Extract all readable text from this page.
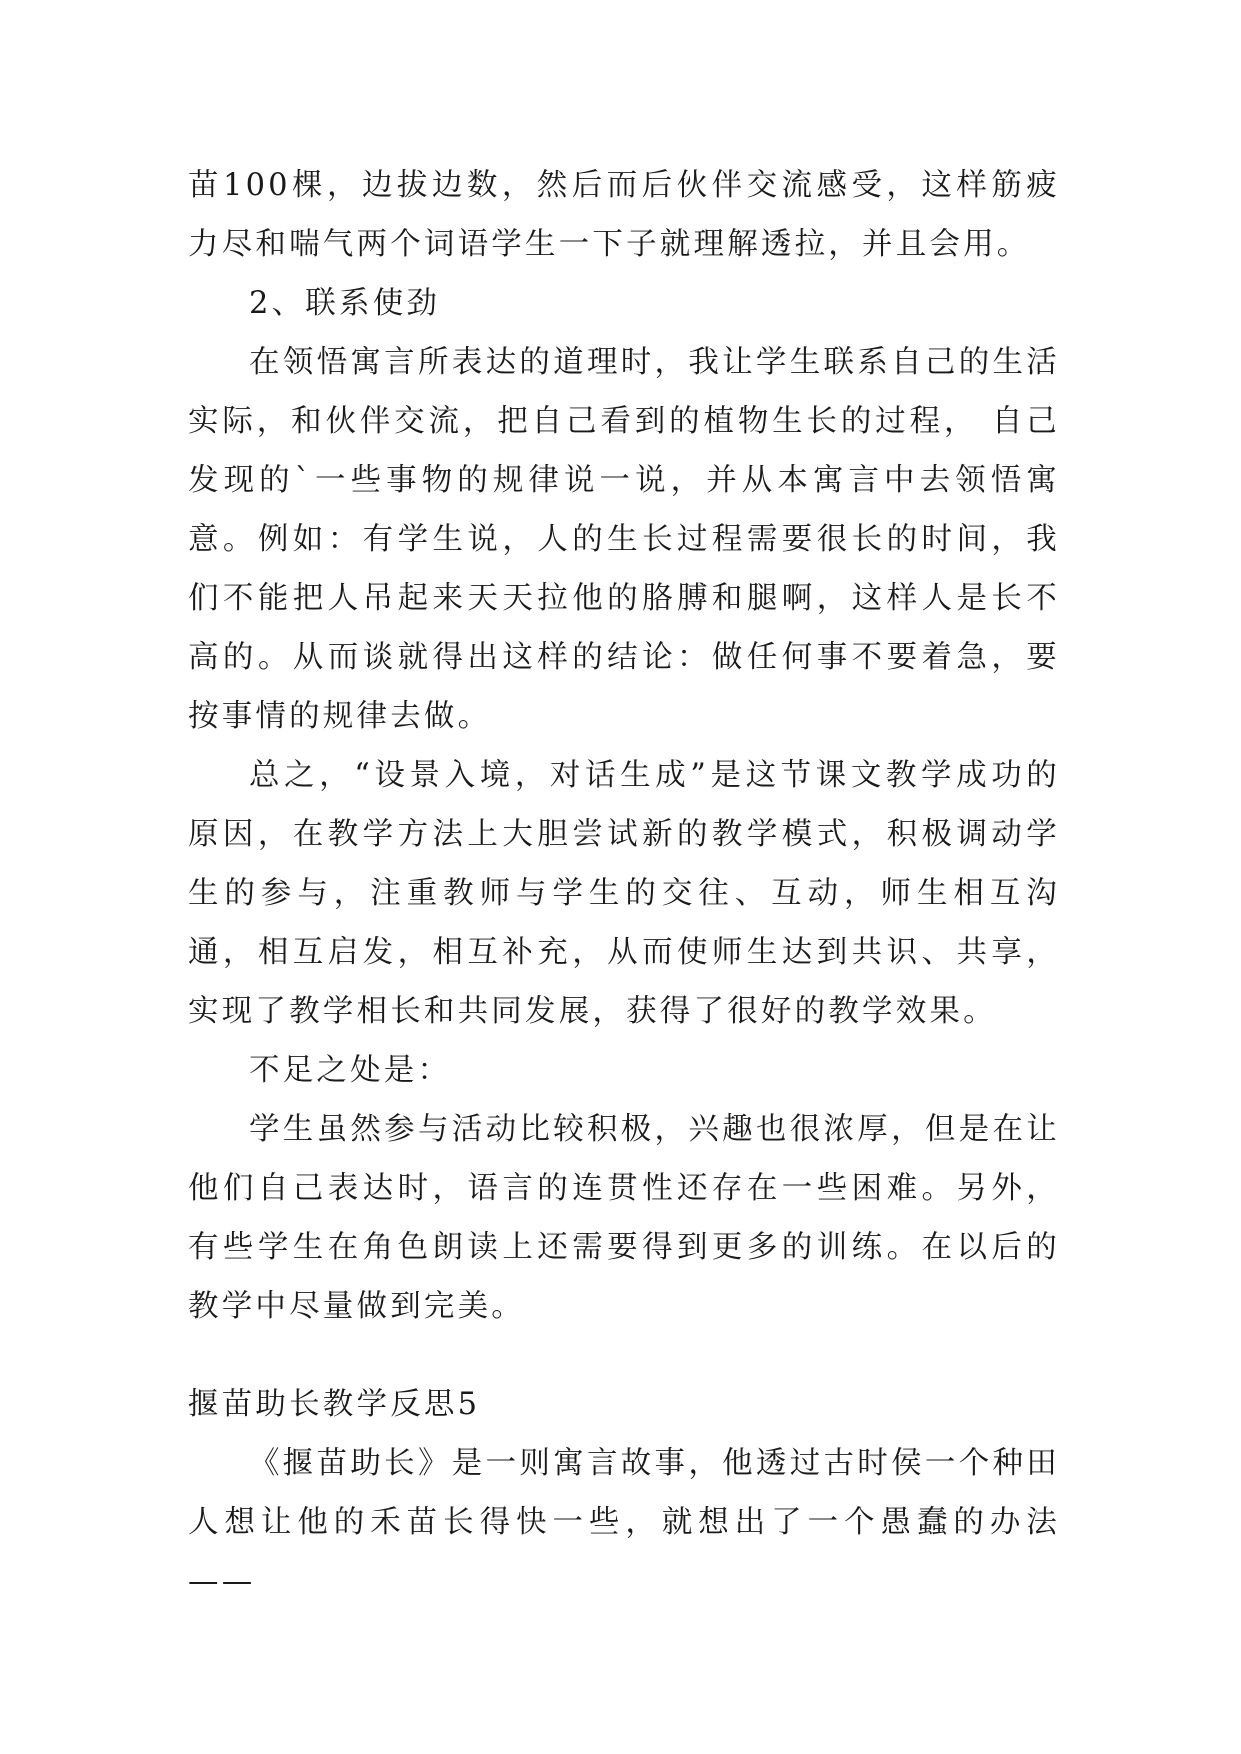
苗100棵，边拔边数，然后而后伙伴交流感受，这样筋疲力尽和喘气两个词语学生一下子就理解透拉，并且会用。

2、联系使劲

在领悟寓言所表达的道理时，我让学生联系自己的生活实际，和伙伴交流，把自己看到的植物生长的过程， 自己发现的`一些事物的规律说一说，并从本寓言中去领悟寓意。例如：有学生说，人的生长过程需要很长的时间，我们不能把人吊起来天天拉他的胳膊和腿啊，这样人是长不高的。从而谈就得出这样的结论：做任何事不要着急，要按事情的规律去做。

总之，“设景入境，对话生成”是这节课文教学成功的原因，在教学方法上大胆尝试新的教学模式，积极调动学生的参与，注重教师与学生的交往、互动，师生相互沟通，相互启发，相互补充，从而使师生达到共识、共享，实现了教学相长和共同发展，获得了很好的教学效果。

不足之处是：

学生虽然参与活动比较积极，兴趣也很浓厚，但是在让他们自己表达时，语言的连贯性还存在一些困难。另外，有些学生在角色朗读上还需要得到更多的训练。在以后的教学中尽量做到完美。

揠苗助长教学反思5

《揠苗助长》是一则寓言故事，他透过古时侯一个种田人想让他的禾苗长得快一些，就想出了一个愚蠢的办法——
